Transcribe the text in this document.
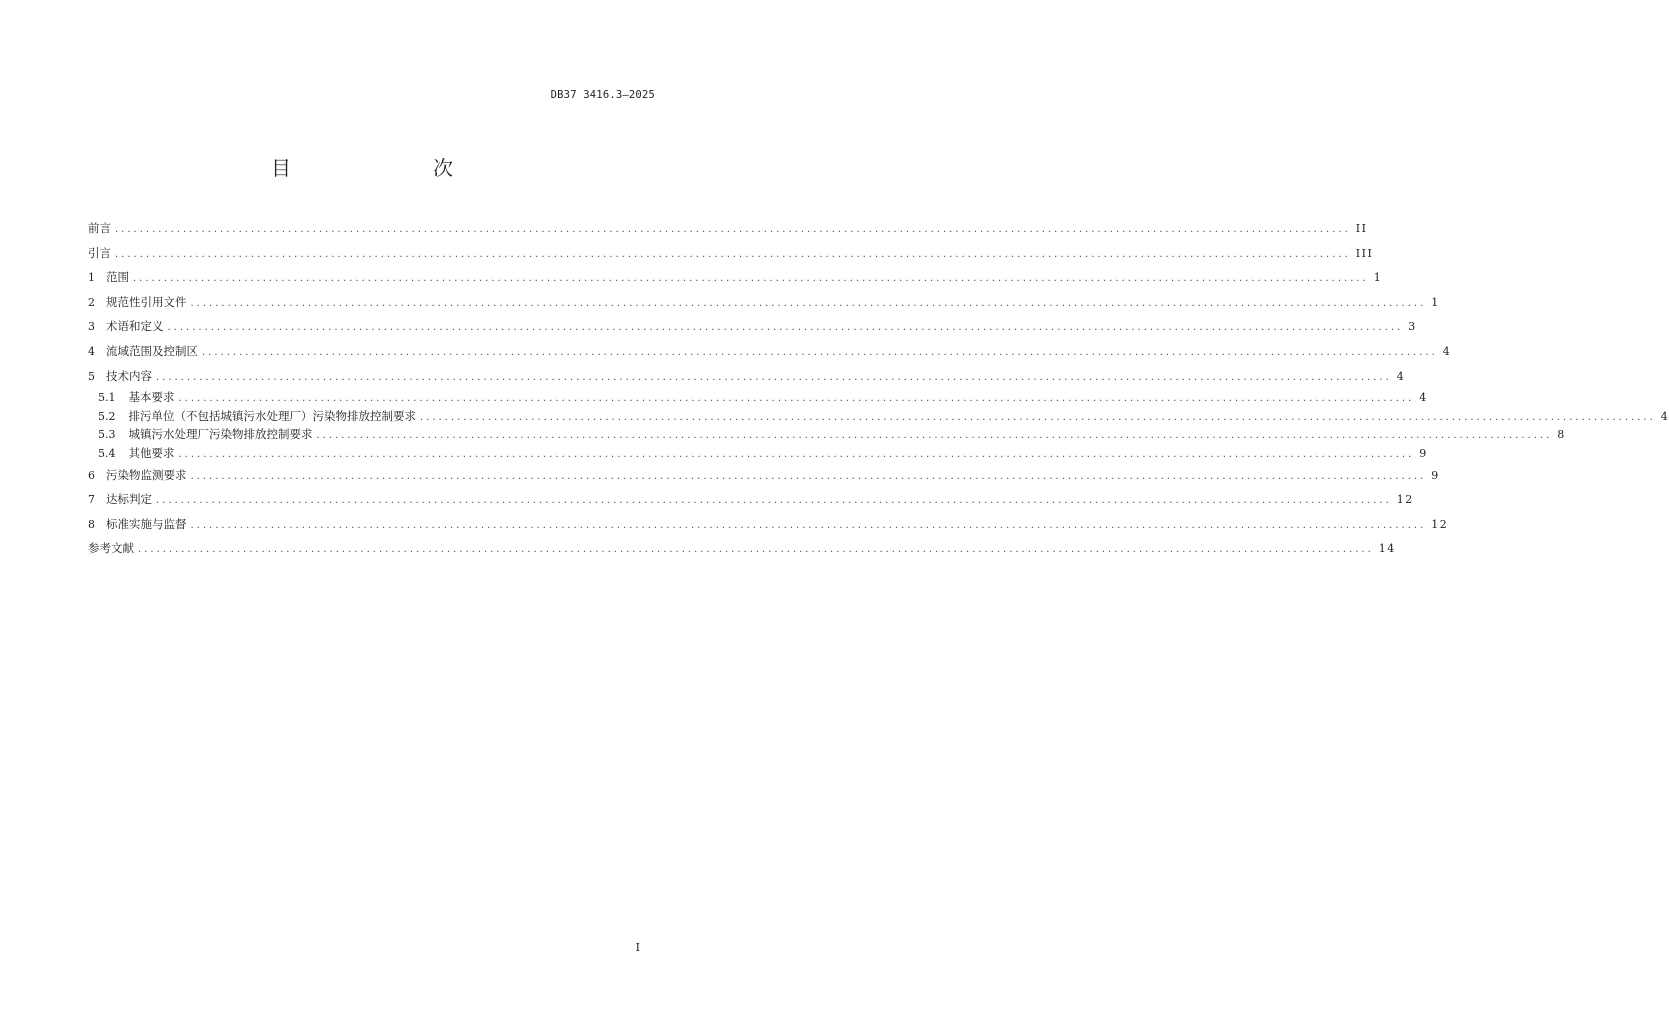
DB37 3416.3—2025
目　　次
前言 ........................................................................................................................................................................................................ II
引言 ........................................................................................................................................................................................................ III
1 范围 ........................................................................................................................................................................................................ 1
2 规范性引用文件 ........................................................................................................................................................................................................ 1
3 术语和定义 ........................................................................................................................................................................................................ 3
4 流域范围及控制区 ........................................................................................................................................................................................................ 4
5 技术内容 ........................................................................................................................................................................................................ 4
5.1 基本要求 ........................................................................................................................................................................................................ 4
5.2 排污单位（不包括城镇污水处理厂）污染物排放控制要求 ........................................................................................................................................................................................................ 4
5.3 城镇污水处理厂污染物排放控制要求 ........................................................................................................................................................................................................ 8
5.4 其他要求 ........................................................................................................................................................................................................ 9
6 污染物监测要求 ........................................................................................................................................................................................................ 9
7 达标判定 ........................................................................................................................................................................................................ 12
8 标准实施与监督 ........................................................................................................................................................................................................ 12
参考文献 ........................................................................................................................................................................................................ 14
I
